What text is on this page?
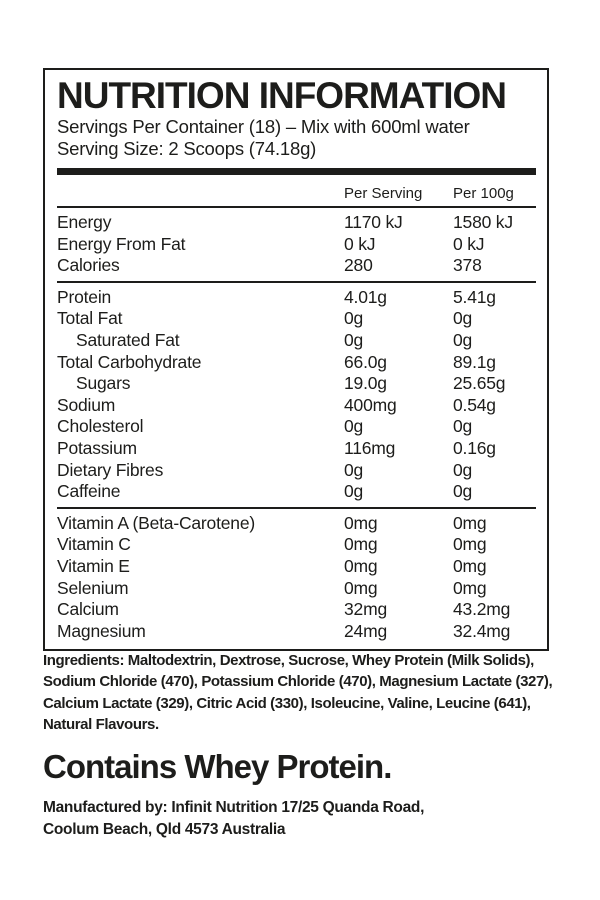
NUTRITION INFORMATION
Servings Per Container (18) – Mix with 600ml water
Serving Size: 2 Scoops (74.18g)
Per Serving	Per 100g
Energy	1170 kJ	1580 kJ
Energy From Fat	0 kJ	0 kJ
Calories	280	378
Protein	4.01g	5.41g
Total Fat	0g	0g
Saturated Fat	0g	0g
Total Carbohydrate	66.0g	89.1g
Sugars	19.0g	25.65g
Sodium	400mg	0.54g
Cholesterol	0g	0g
Potassium	116mg	0.16g
Dietary Fibres	0g	0g
Caffeine	0g	0g
Vitamin A (Beta-Carotene)	0mg	0mg
Vitamin C	0mg	0mg
Vitamin E	0mg	0mg
Selenium	0mg	0mg
Calcium	32mg	43.2mg
Magnesium	24mg	32.4mg
Ingredients: Maltodextrin, Dextrose, Sucrose, Whey Protein (Milk Solids), Sodium Chloride (470), Potassium Chloride (470), Magnesium Lactate (327), Calcium Lactate (329), Citric Acid (330), Isoleucine, Valine, Leucine (641), Natural Flavours.
Contains Whey Protein.
Manufactured by: Infinit Nutrition 17/25 Quanda Road,
Coolum Beach, Qld 4573 Australia
